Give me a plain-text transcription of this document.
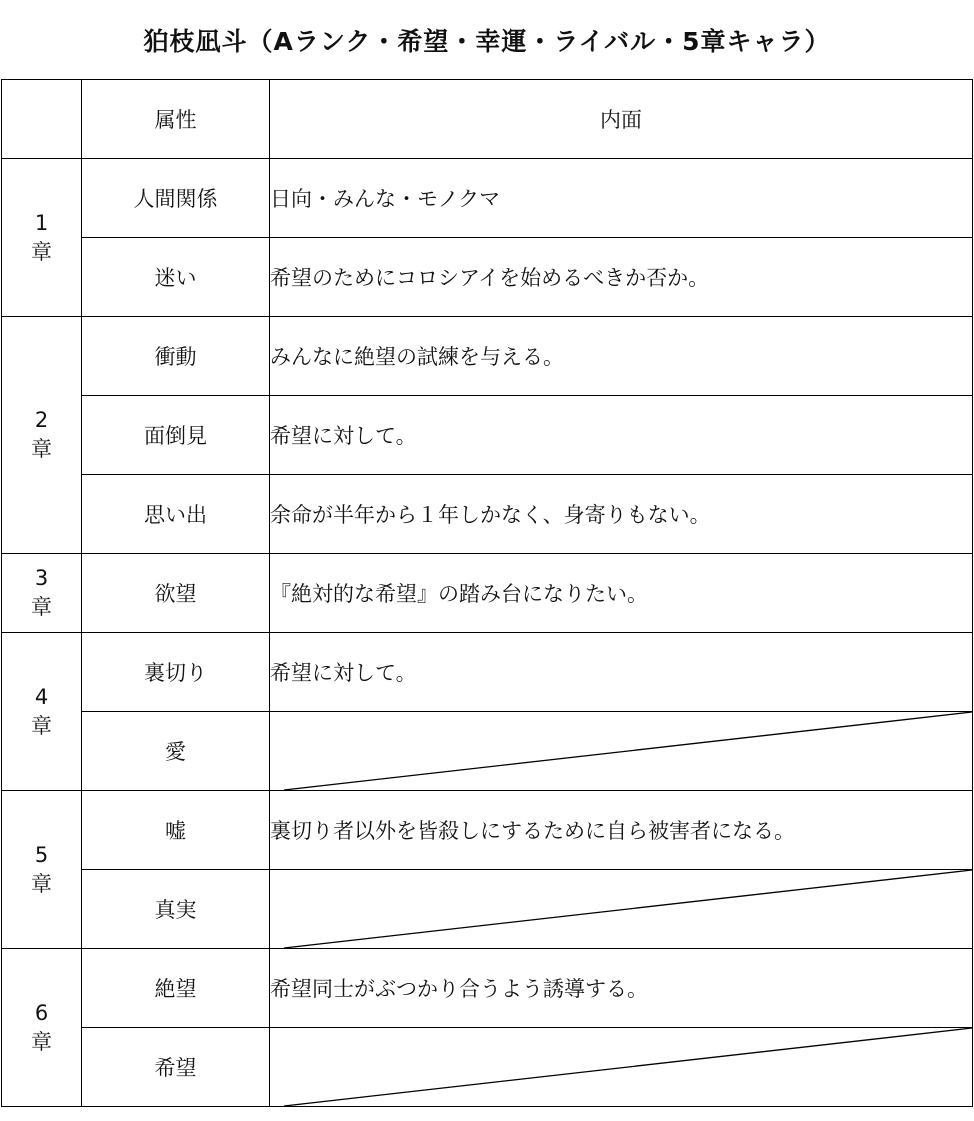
狛枝凪斗（Aランク・希望・幸運・ライバル・5章キャラ）
	属性	内面

1
章	人間関係	日向・みんな・モノクマ
	迷い	希望のためにコロシアイを始めるべきか否か。

2
章	衝動	みんなに絶望の試練を与える。
	面倒見	希望に対して。
	思い出	余命が半年から１年しかなく、身寄りもない。

3
章	欲望	『絶対的な希望』の踏み台になりたい。

4
章	裏切り	希望に対して。
	愛	

5
章	嘘	裏切り者以外を皆殺しにするために自ら被害者になる。
	真実	

6
章	絶望	希望同士がぶつかり合うよう誘導する。
	希望	
